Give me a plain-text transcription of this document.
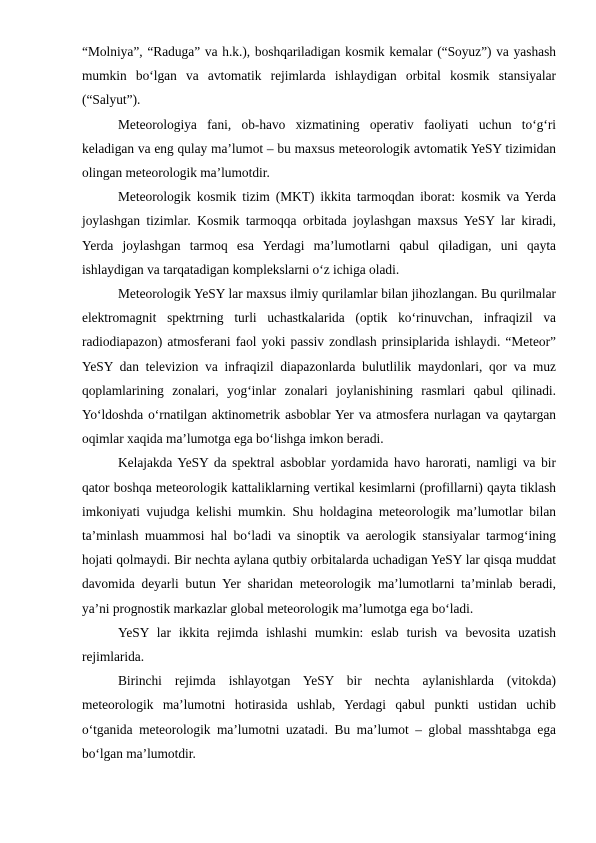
“Molniya”, “Raduga” va h.k.), boshqariladigan kosmik kemalar (“Soyuz”) va yashash mumkin bo‘lgan va avtomatik rejimlarda ishlaydigan orbital kosmik stansiyalar (“Salyut”).

Meteorologiya fani, ob-havo xizmatining operativ faoliyati uchun to‘g‘ri keladigan va eng qulay ma’lumot – bu maxsus meteorologik avtomatik YeSY tizimidan olingan meteorologik ma’lumotdir.

Meteorologik kosmik tizim (MKT) ikkita tarmoqdan iborat: kosmik va Yerda joylashgan tizimlar. Kosmik tarmoqqa orbitada joylashgan maxsus YeSY lar kiradi, Yerda joylashgan tarmoq esa Yerdagi ma’lumotlarni qabul qiladigan, uni qayta ishlaydigan va tarqatadigan komplekslarni o‘z ichiga oladi.

Meteorologik YeSY lar maxsus ilmiy qurilamlar bilan jihozlangan. Bu qurilmalar elektromagnit spektrning turli uchastkalarida (optik ko‘rinuvchan, infraqizil va radiodiapazon) atmosferani faol yoki passiv zondlash prinsiplarida ishlaydi. “Meteor” YeSY dan televizion va infraqizil diapazonlarda bulutlilik maydonlari, qor va muz qoplamlarining zonalari, yog‘inlar zonalari joylanishining rasmlari qabul qilinadi. Yo‘ldoshda o‘rnatilgan aktinometrik asboblar Yer va atmosfera nurlagan va qaytargan oqimlar xaqida ma’lumotga ega bo‘lishga imkon beradi.

Kelajakda YeSY da spektral asboblar yordamida havo harorati, namligi va bir qator boshqa meteorologik kattaliklarning vertikal kesimlarni (profillarni) qayta tiklash imkoniyati vujudga kelishi mumkin. Shu holdagina meteorologik ma’lumotlar bilan ta’minlash muammosi hal bo‘ladi va sinoptik va aerologik stansiyalar tarmog‘ining hojati qolmaydi. Bir nechta aylana qutbiy orbitalarda uchadigan YeSY lar qisqa muddat davomida deyarli butun Yer sharidan meteorologik ma’lumotlarni ta’minlab beradi, ya’ni prognostik markazlar global meteorologik ma’lumotga ega bo‘ladi.

YeSY lar ikkita rejimda ishlashi mumkin: eslab turish va bevosita uzatish rejimlarida.

Birinchi rejimda ishlayotgan YeSY bir nechta aylanishlarda (vitokda) meteorologik ma’lumotni hotirasida ushlab, Yerdagi qabul punkti ustidan uchib o‘tganida meteorologik ma’lumotni uzatadi. Bu ma’lumot – global masshtabga ega bo‘lgan ma’lumotdir.
